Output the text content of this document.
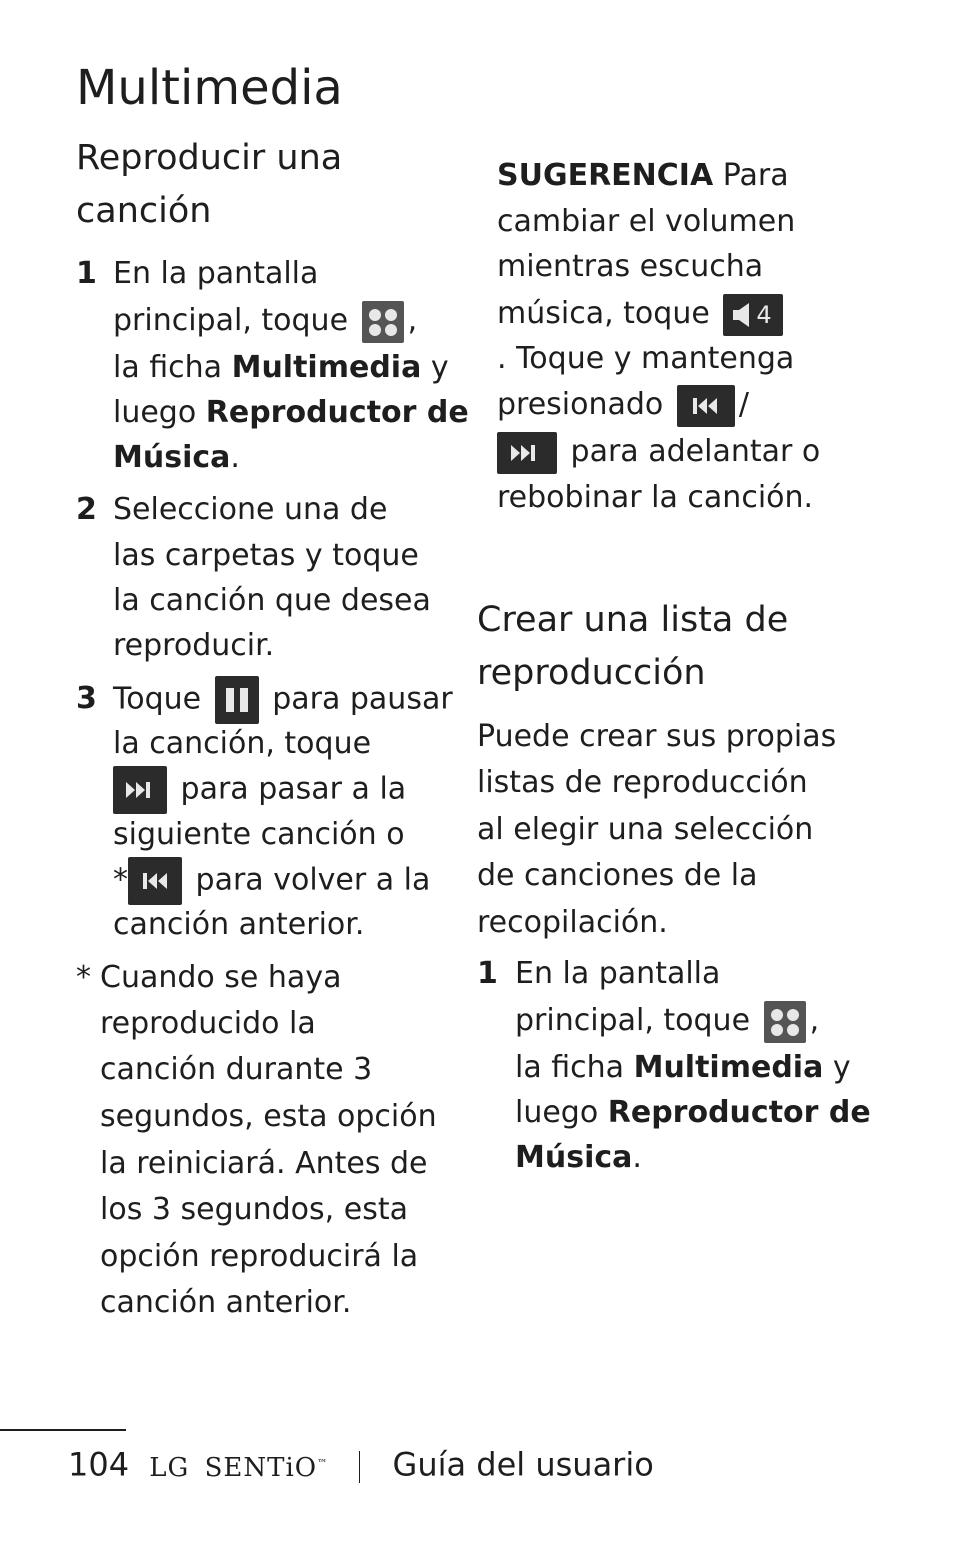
Multimedia
Reproducir una
canción
1 En la pantalla
principal, toque ,
la ficha Multimedia y
luego Reproductor de
Música.
2 Seleccione una de
las carpetas y toque
la canción que desea
reproducir.
3 Toque para pausar
la canción, toque
para pasar a la
siguiente canción o
* para volver a la
canción anterior.
* Cuando se haya
reproducido la
canción durante 3
segundos, esta opción
la reiniciará. Antes de
los 3 segundos, esta
opción reproducirá la
canción anterior.
SUGERENCIA Para
cambiar el volumen
mientras escucha
música, toque 4
. Toque y mantenga
presionado	/
para adelantar o
rebobinar la canción.
Crear una lista de
reproducción
Puede crear sus propias
listas de reproducción
al elegir una selección
de canciones de la
recopilación.
1 En la pantalla
principal, toque ,
la ficha Multimedia y
luego Reproductor de
Música.
104 LG SENTiO™ Guía del usuario
